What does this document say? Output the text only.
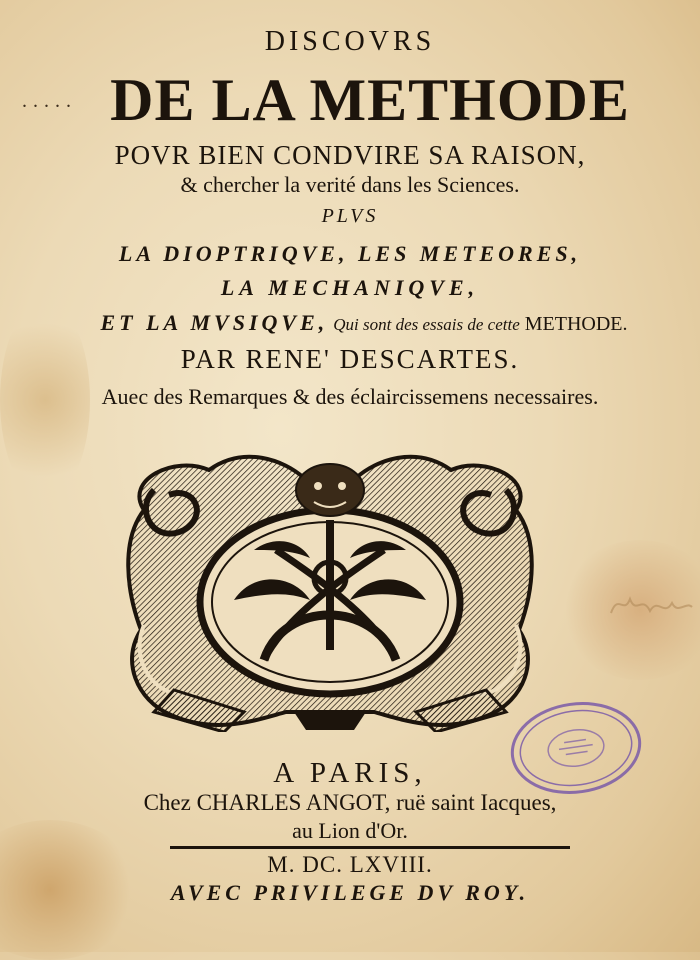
.....

DISCOVRS

DE LA METHODE

POVR BIEN CONDVIRE SA RAISON,

& chercher la verité dans les Sciences.

PLVS

LA DIOPTRIQVE, LES METEORES,

LA MECHANIQVE,

ET LA MVSIQVE, Qui sont des essais de cette METHODE.

PAR RENE' DESCARTES.

Auec des Remarques & des éclaircissemens necessaires.

A PARIS,

Chez CHARLES ANGOT, ruë saint Iacques,

au Lion d'Or.

M. DC. LXVIII.

AVEC PRIVILEGE DV ROY.
